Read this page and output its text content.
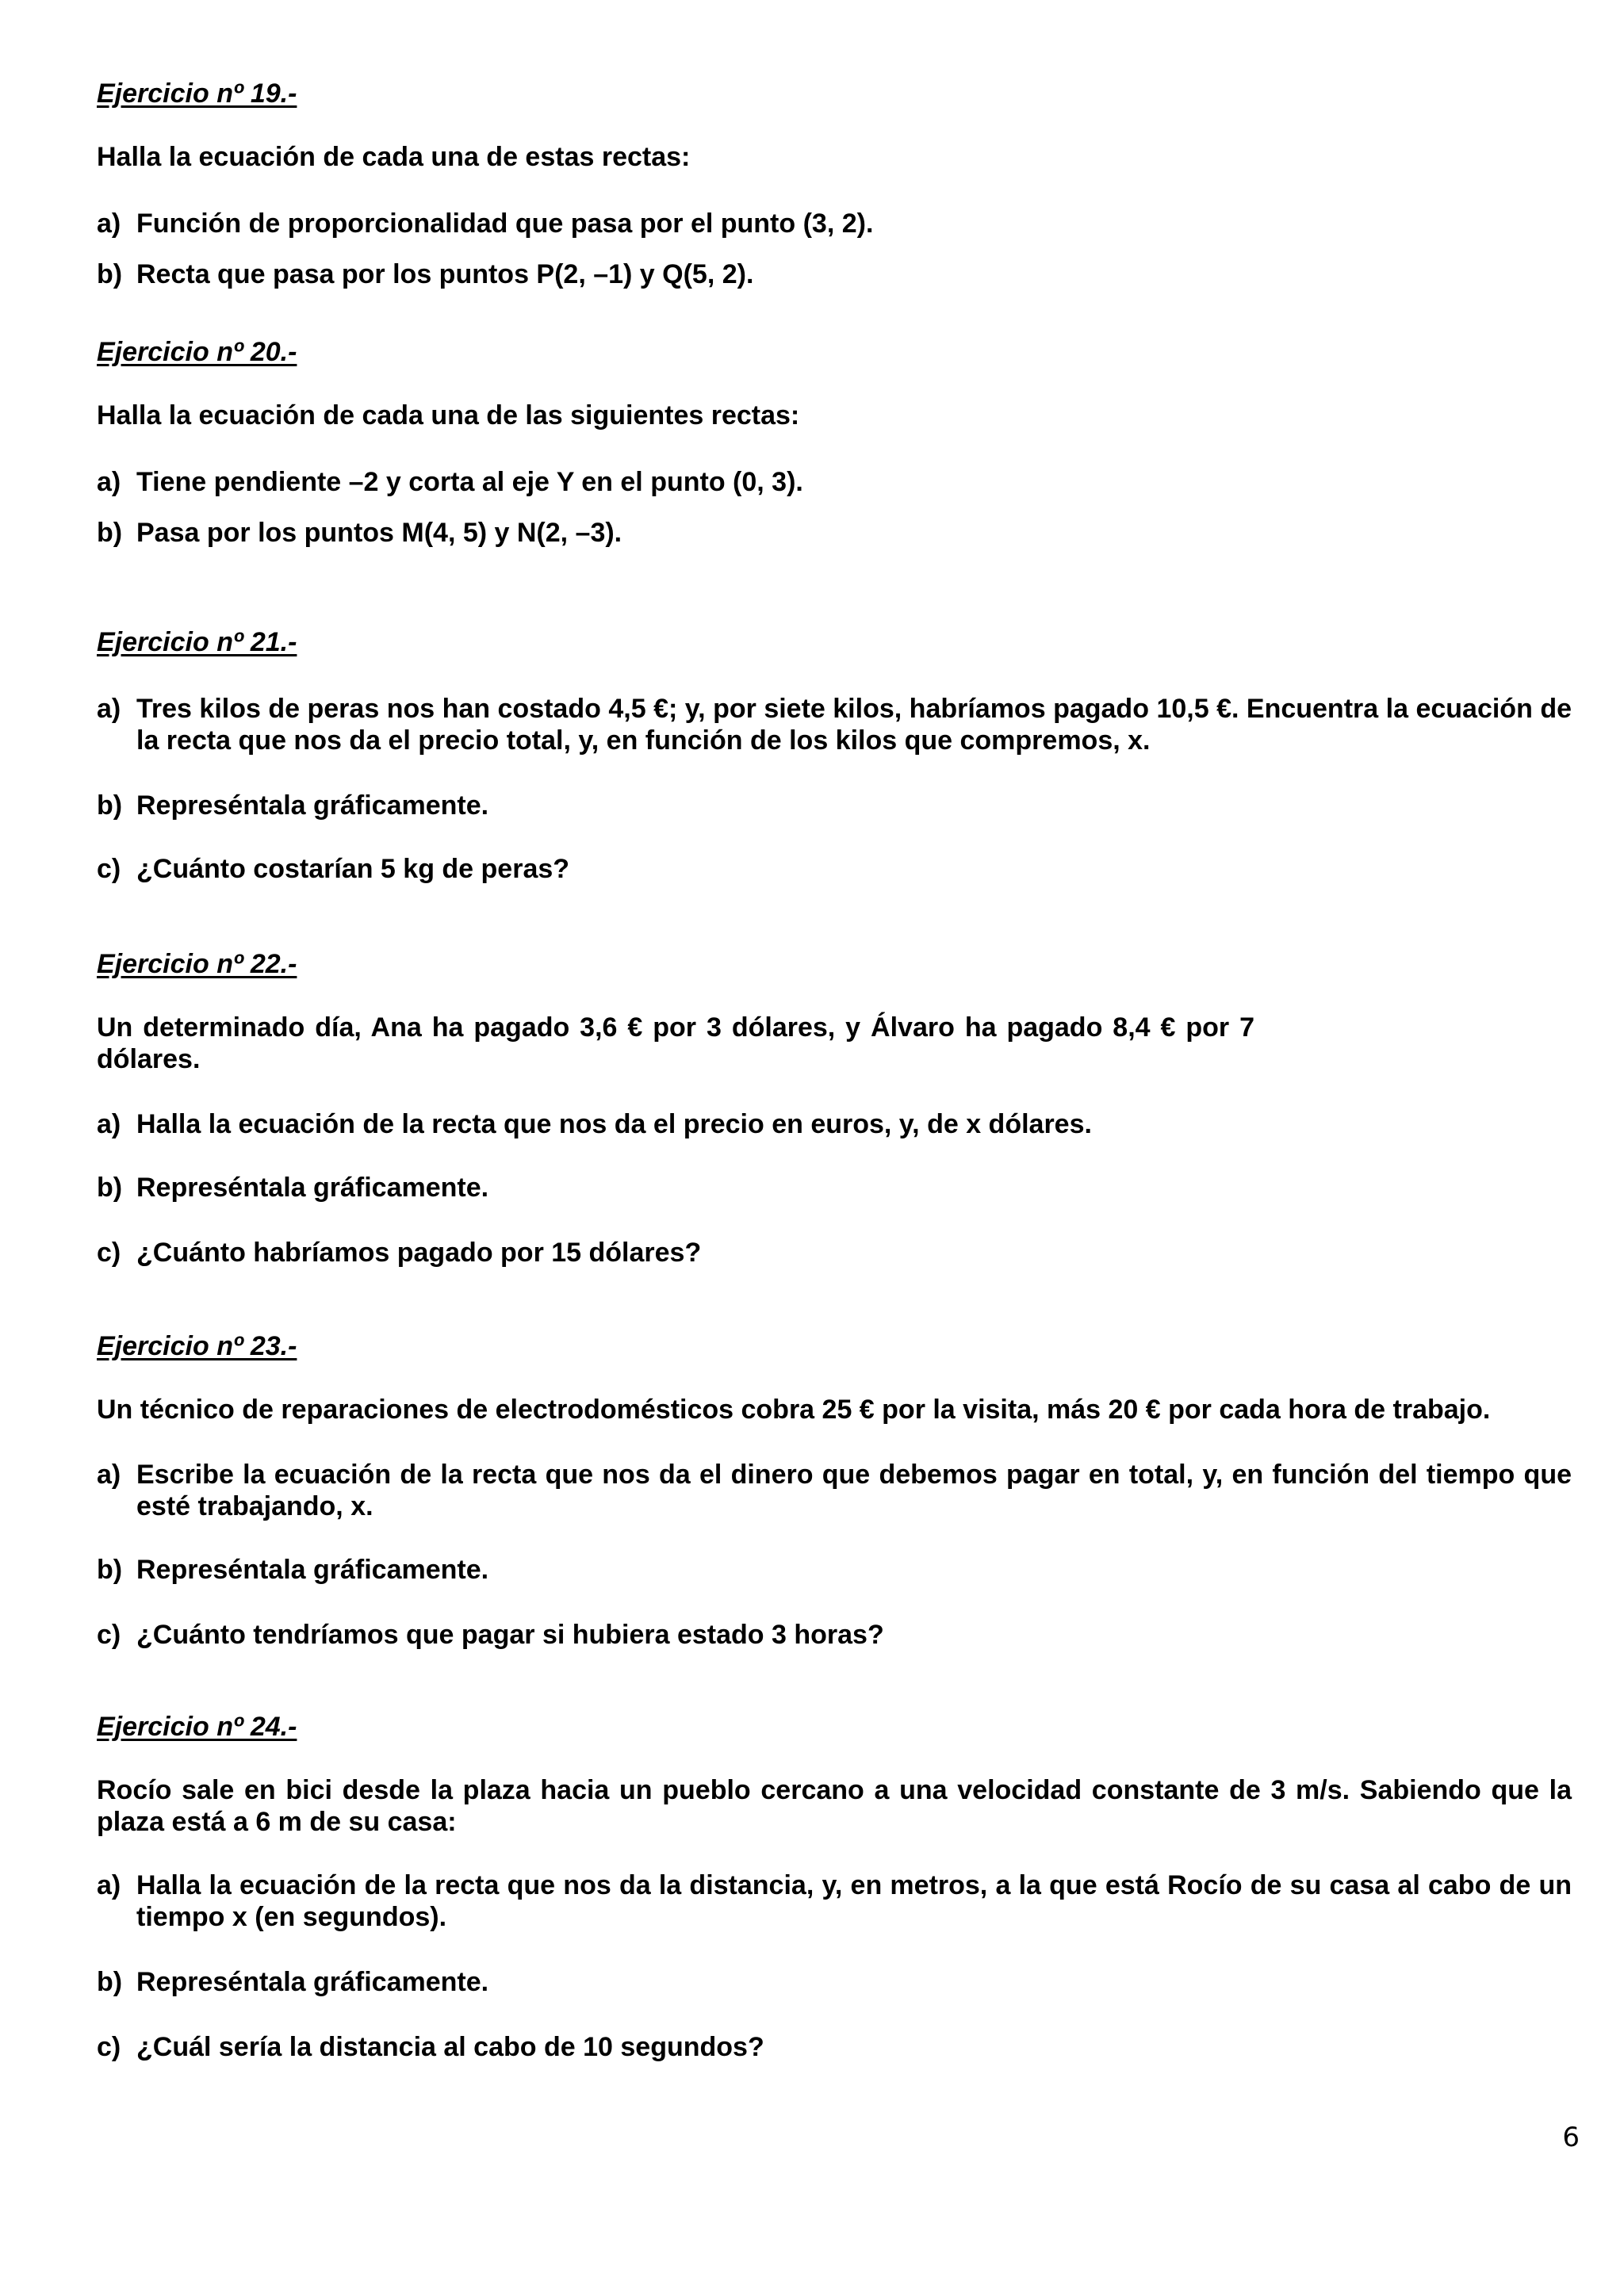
Ejercicio nº 19.-
Halla la ecuación de cada una de estas rectas:
a) Función de proporcionalidad que pasa por el punto (3, 2).
b) Recta que pasa por los puntos P(2, –1) y Q(5, 2).
Ejercicio nº 20.-
Halla la ecuación de cada una de las siguientes rectas:
a) Tiene pendiente –2 y corta al eje Y en el punto (0, 3).
b) Pasa por los puntos M(4, 5) y N(2, –3).
Ejercicio nº 21.-
a) Tres kilos de peras nos han costado 4,5 €; y, por siete kilos, habríamos pagado 10,5 €. Encuentra la ecuación de la recta que nos da el precio total, y, en función de los kilos que compremos, x.
b) Represéntala gráficamente.
c) ¿Cuánto costarían 5 kg de peras?
Ejercicio nº 22.-
Un determinado día, Ana ha pagado 3,6 € por 3 dólares, y Álvaro ha pagado 8,4 € por 7 dólares.
a) Halla la ecuación de la recta que nos da el precio en euros, y, de x dólares.
b) Represéntala gráficamente.
c) ¿Cuánto habríamos pagado por 15 dólares?
Ejercicio nº 23.-
Un técnico de reparaciones de electrodomésticos cobra 25 € por la visita, más 20 € por cada hora de trabajo.
a) Escribe la ecuación de la recta que nos da el dinero que debemos pagar en total, y, en función del tiempo que esté trabajando, x.
b) Represéntala gráficamente.
c) ¿Cuánto tendríamos que pagar si hubiera estado 3 horas?
Ejercicio nº 24.-
Rocío sale en bici desde la plaza hacia un pueblo cercano a una velocidad constante de 3 m/s. Sabiendo que la plaza está a 6 m de su casa:
a) Halla la ecuación de la recta que nos da la distancia, y, en metros, a la que está Rocío de su casa al cabo de un tiempo x (en segundos).
b) Represéntala gráficamente.
c) ¿Cuál sería la distancia al cabo de 10 segundos?
6
